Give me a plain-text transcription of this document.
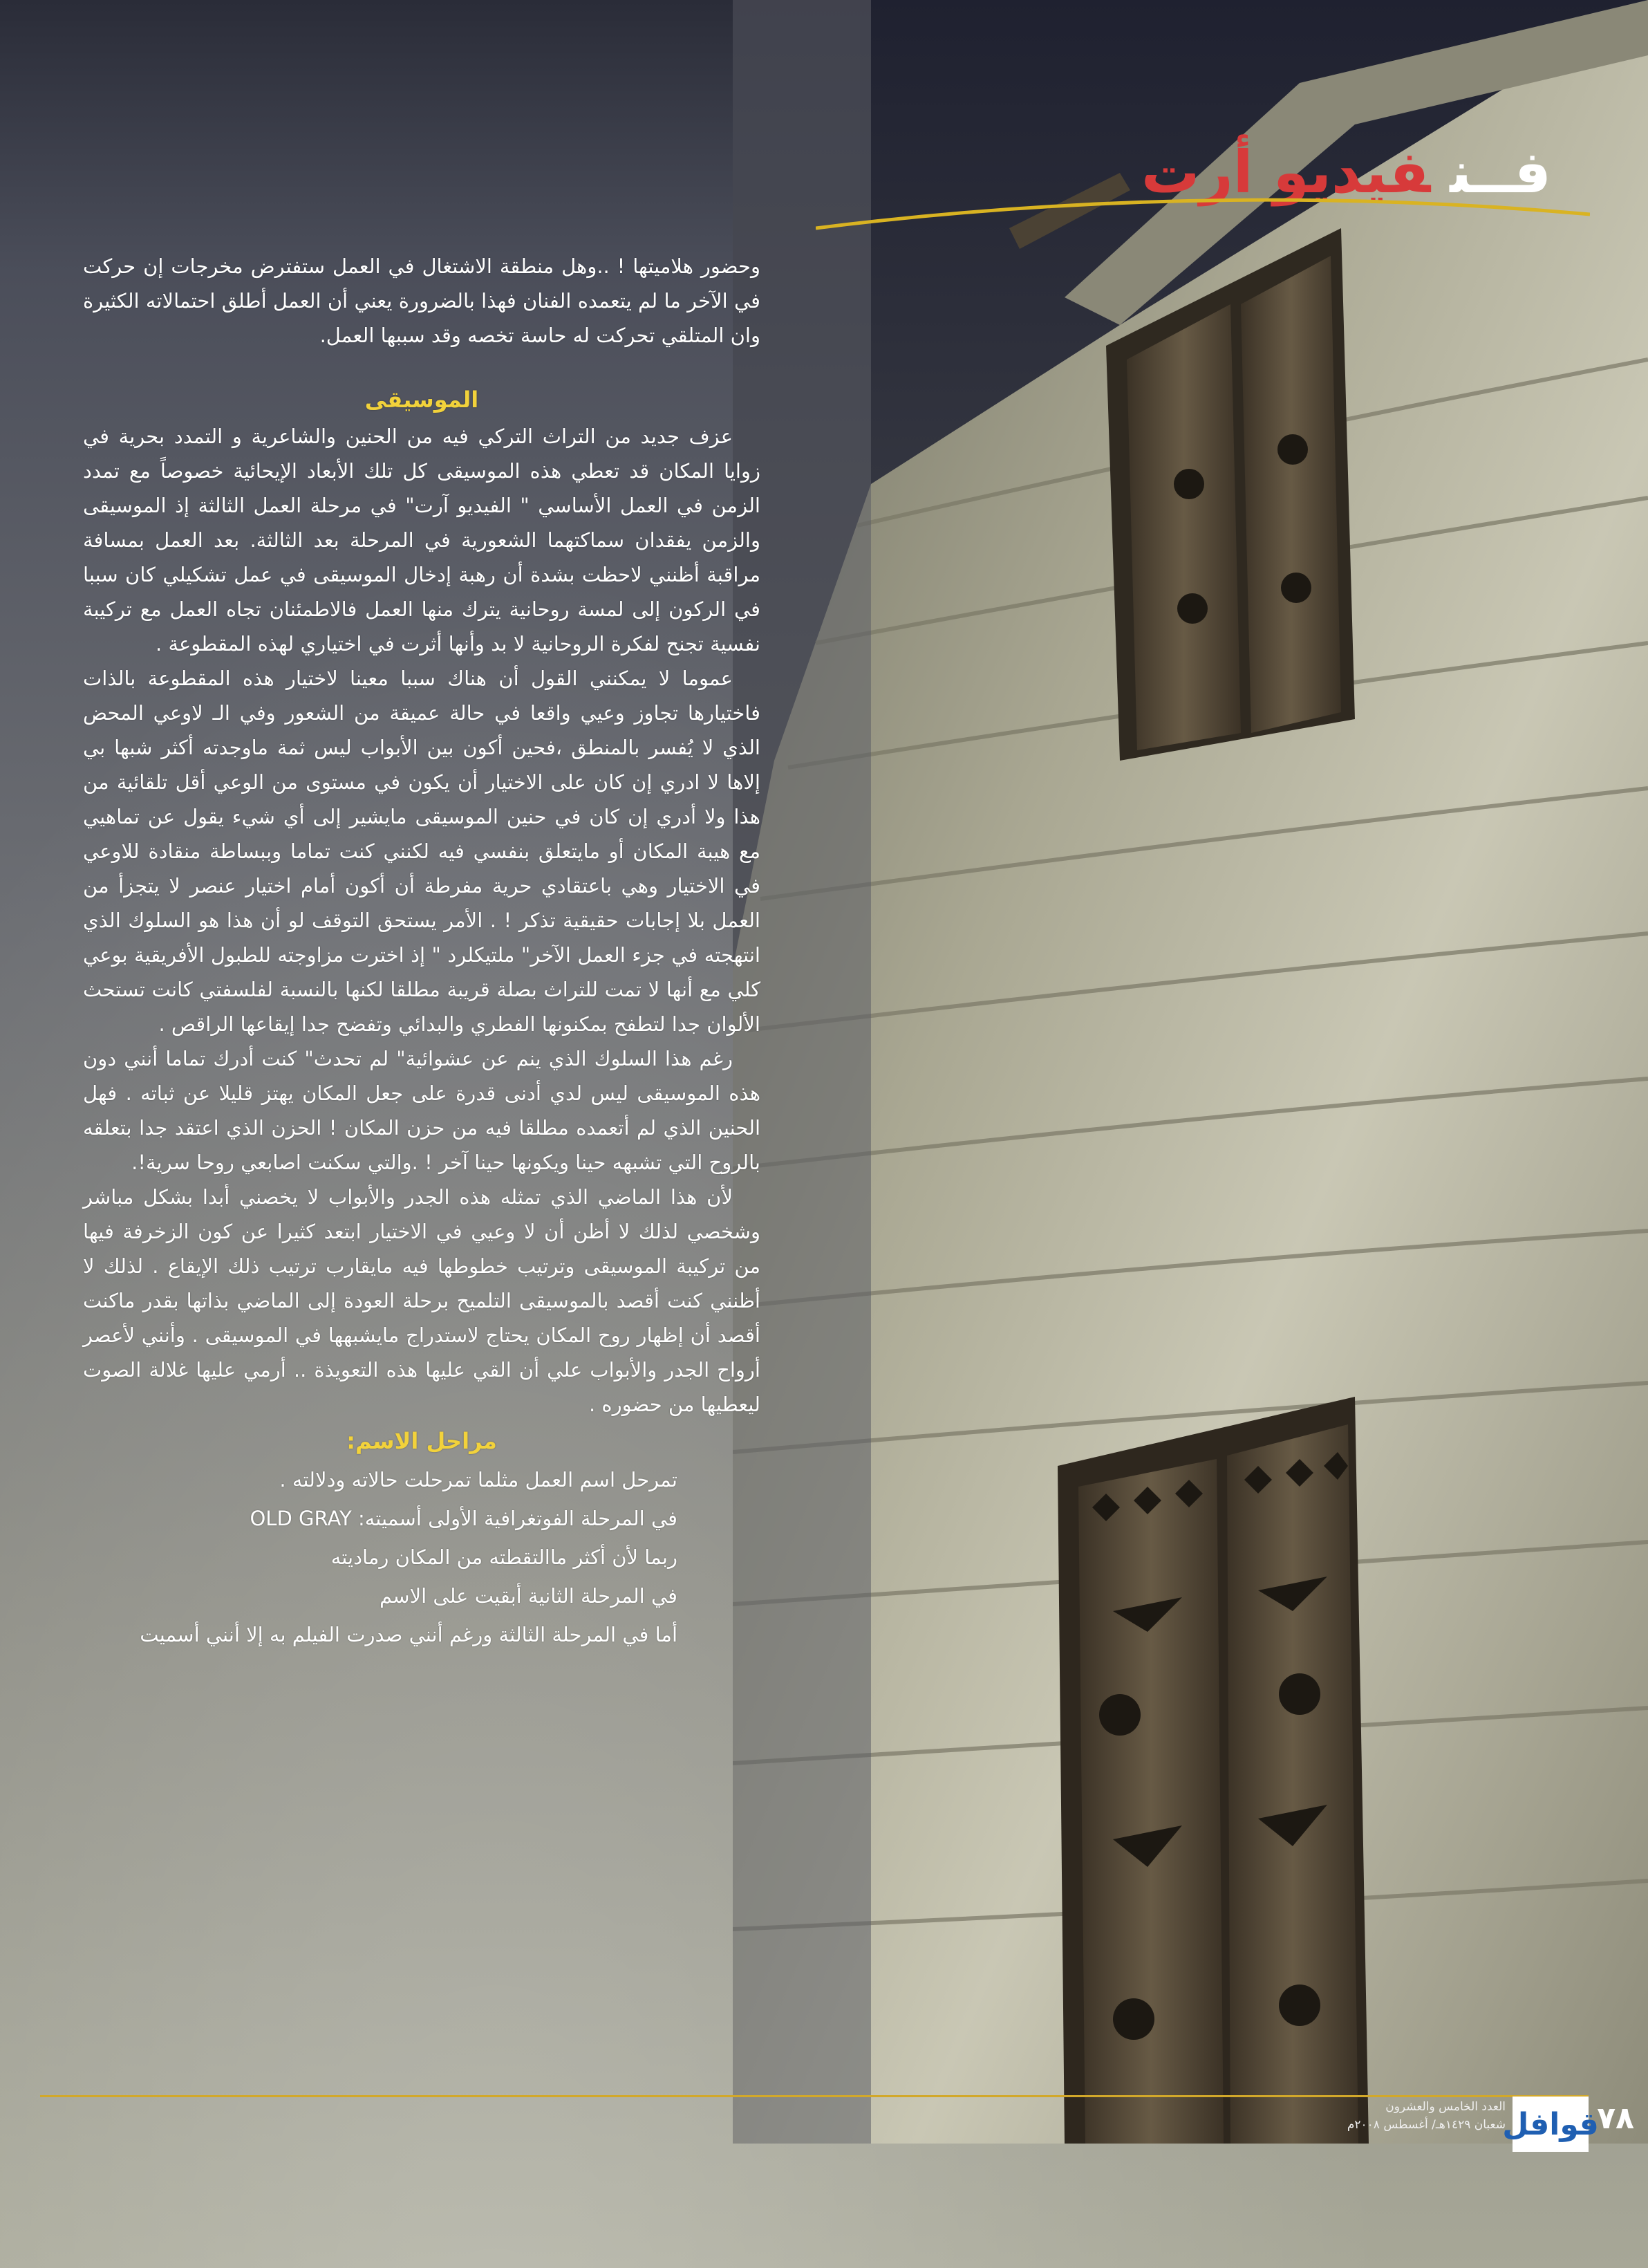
فــنفيديو أرت

وحضور هلاميتها ! ..وهل منطقة الاشتغال في العمل ستفترض مخرجات إن حركت في الآخر ما لم يتعمده الفنان فهذا بالضرورة يعني أن العمل أطلق احتمالاته الكثيرة وان المتلقي تحركت له حاسة تخصه وقد سببها العمل.

الموسيقى

عزف جديد من التراث التركي فيه من الحنين والشاعرية و التمدد بحرية في زوايا المكان قد تعطي هذه الموسيقى كل تلك الأبعاد الإيحائية خصوصاً مع تمدد الزمن في العمل الأساسي " الفيديو آرت" في مرحلة العمل الثالثة إذ الموسيقى والزمن يفقدان سماكتهما الشعورية في المرحلة بعد الثالثة. بعد العمل بمسافة مراقبة أظنني لاحظت بشدة أن رهبة إدخال الموسيقى في عمل تشكيلي كان سببا في الركون إلى لمسة روحانية يترك منها العمل فالاطمئنان تجاه العمل مع تركيبة نفسية تجنح لفكرة الروحانية لا بد وأنها أثرت في اختياري لهذه المقطوعة .

عموما لا يمكنني القول أن هناك سببا معينا لاختيار هذه المقطوعة بالذات فاختيارها تجاوز وعيي واقعا في حالة عميقة من الشعور وفي الـ لاوعي المحض الذي لا يُفسر بالمنطق ،فحين أكون بين الأبواب ليس ثمة ماوجدته أكثر شبها بي إلاها لا ادري إن كان على الاختيار أن يكون في مستوى من الوعي أقل تلقائية من هذا ولا أدري إن كان في حنين الموسيقى مايشير إلى أي شيء يقول عن تماهيي مع هيبة المكان أو مايتعلق بنفسي فيه لكنني كنت تماما وببساطة منقادة للاوعي في الاختيار وهي باعتقادي حرية مفرطة أن أكون أمام اختيار عنصر لا يتجزأ من العمل بلا إجابات حقيقية تذكر ! . الأمر يستحق التوقف لو أن هذا هو السلوك الذي انتهجته في جزء العمل الآخر" ملتيكلرد " إذ اخترت مزاوجته للطبول الأفريقية بوعي كلي مع أنها لا تمت للتراث بصلة قريبة مطلقا لكنها بالنسبة لفلسفتي كانت تستحث الألوان جدا لتطفح بمكنونها الفطري والبدائي وتفضح جدا إيقاعها الراقص .

رغم هذا السلوك الذي ينم عن عشوائية" لم تحدث" كنت أدرك تماما أنني دون هذه الموسيقى ليس لدي أدنى قدرة على جعل المكان يهتز قليلا عن ثباته . فهل الحنين الذي لم أتعمده مطلقا فيه من حزن المكان ! الحزن الذي اعتقد جدا بتعلقه بالروح التي تشبهه حينا ويكونها حينا آخر ! .والتي سكنت اصابعي روحا سرية!.

لأن هذا الماضي الذي تمثله هذه الجدر والأبواب لا يخصني أبدا بشكل مباشر وشخصي لذلك لا أظن أن لا وعيي في الاختيار ابتعد كثيرا عن كون الزخرفة فيها من تركيبة الموسيقى وترتيب خطوطها فيه مايقارب ترتيب ذلك الإيقاع . لذلك لا أظنني كنت أقصد بالموسيقى التلميح برحلة العودة إلى الماضي بذاتها بقدر ماكنت أقصد أن إظهار روح المكان يحتاج لاستدراج مايشبهها في الموسيقى . وأنني لأعصر أرواح الجدر والأبواب علي أن القي عليها هذه التعويذة .. أرمي عليها غلالة الصوت ليعطيها من حضوره .

مراحل الاسم:

تمرحل اسم العمل مثلما تمرحلت حالاته ودلالته .

في المرحلة الفوتغرافية الأولى أسميته: OLD GRAY

ربما لأن أكثر ماالتقطته من المكان رماديته

في المرحلة الثانية أبقيت على الاسم

أما في المرحلة الثالثة ورغم أنني صدرت الفيلم به إلا أنني أسميت

٧٨
قوافل
العدد الخامس والعشرون
شعبان ١٤٢٩هـ/ أغسطس ٢٠٠٨م
